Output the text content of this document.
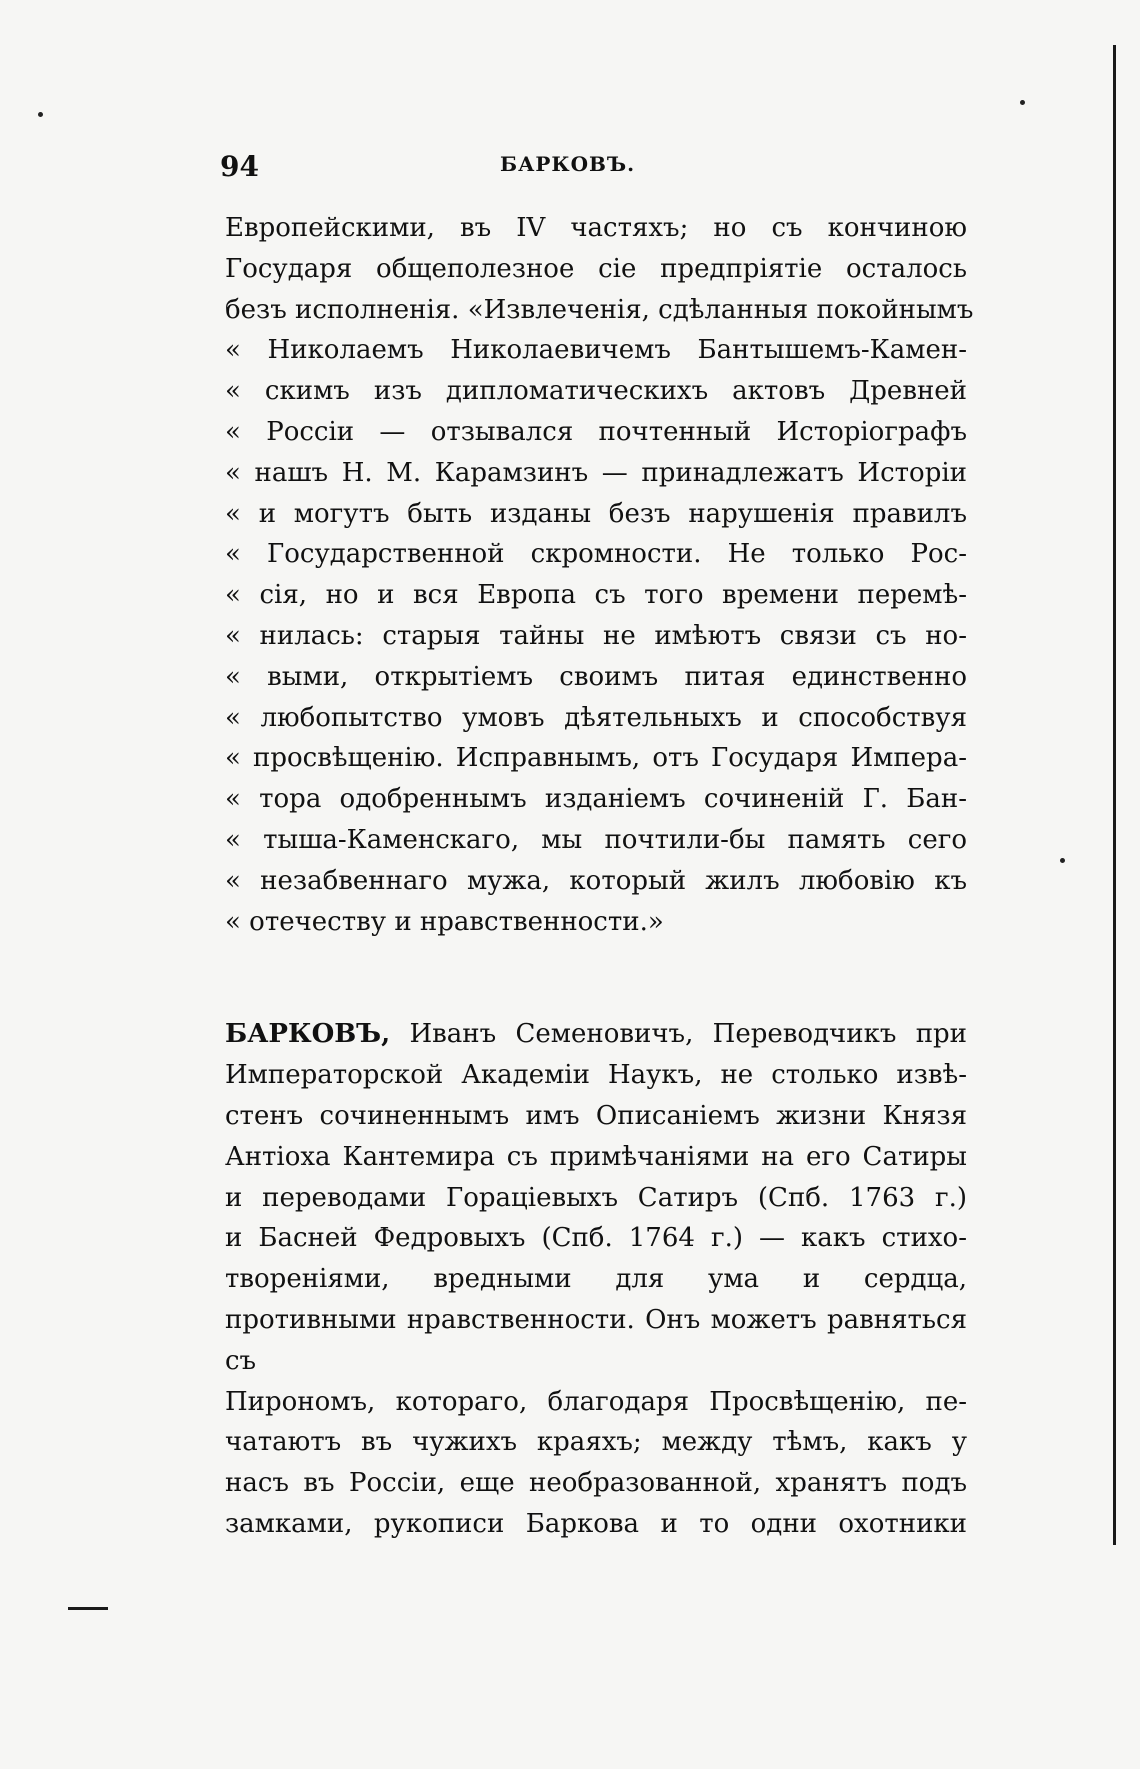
94	БАРКОВЪ.
Европейскими, въ IV частяхъ; но съ кончиною
Государя общеполезное сіе предпріятіе осталось
безъ исполненія. «Извлеченія, сдѣланныя покойнымъ
« Николаемъ Николаевичемъ Бантышемъ-Камен-
« скимъ изъ дипломатическихъ актовъ Древней
« Россіи — отзывался почтенный Исторіографъ
« нашъ Н. М. Карамзинъ — принадлежатъ Исторіи
« и могутъ быть изданы безъ нарушенія правилъ
« Государственной скромности. Не только Рос-
« сія, но и вся Европа съ того времени перемѣ-
« нилась: старыя тайны не имѣютъ связи съ но-
« выми, открытіемъ своимъ питая единственно
« любопытство умовъ дѣятельныхъ и способствуя
« просвѣщенію. Исправнымъ, отъ Государя Импера-
« тора одобреннымъ изданіемъ сочиненій Г. Бан-
« тыша-Каменскаго, мы почтили-бы память сего
« незабвеннаго мужа, который жилъ любовію къ
« отечеству и нравственности.»
БАРКОВЪ, Иванъ Семеновичъ, Переводчикъ при
Императорской Академіи Наукъ, не столько извѣ-
стенъ сочиненнымъ имъ Описаніемъ жизни Князя
Антіоха Кантемира съ примѣчаніями на его Сатиры
и переводами Гораціевыхъ Сатиръ (Спб. 1763 г.)
и Басней Федровыхъ (Спб. 1764 г.) — какъ стихо-
твореніями, вредными для ума и сердца, противными нравственности. Онъ можетъ равняться съ
Пирономъ, котораго, благодаря Просвѣщенію, пе-
чатаютъ въ чужихъ краяхъ; между тѣмъ, какъ у
насъ въ Россіи, еще необразованной, хранятъ подъ
замками, рукописи Баркова и то одни охотники
